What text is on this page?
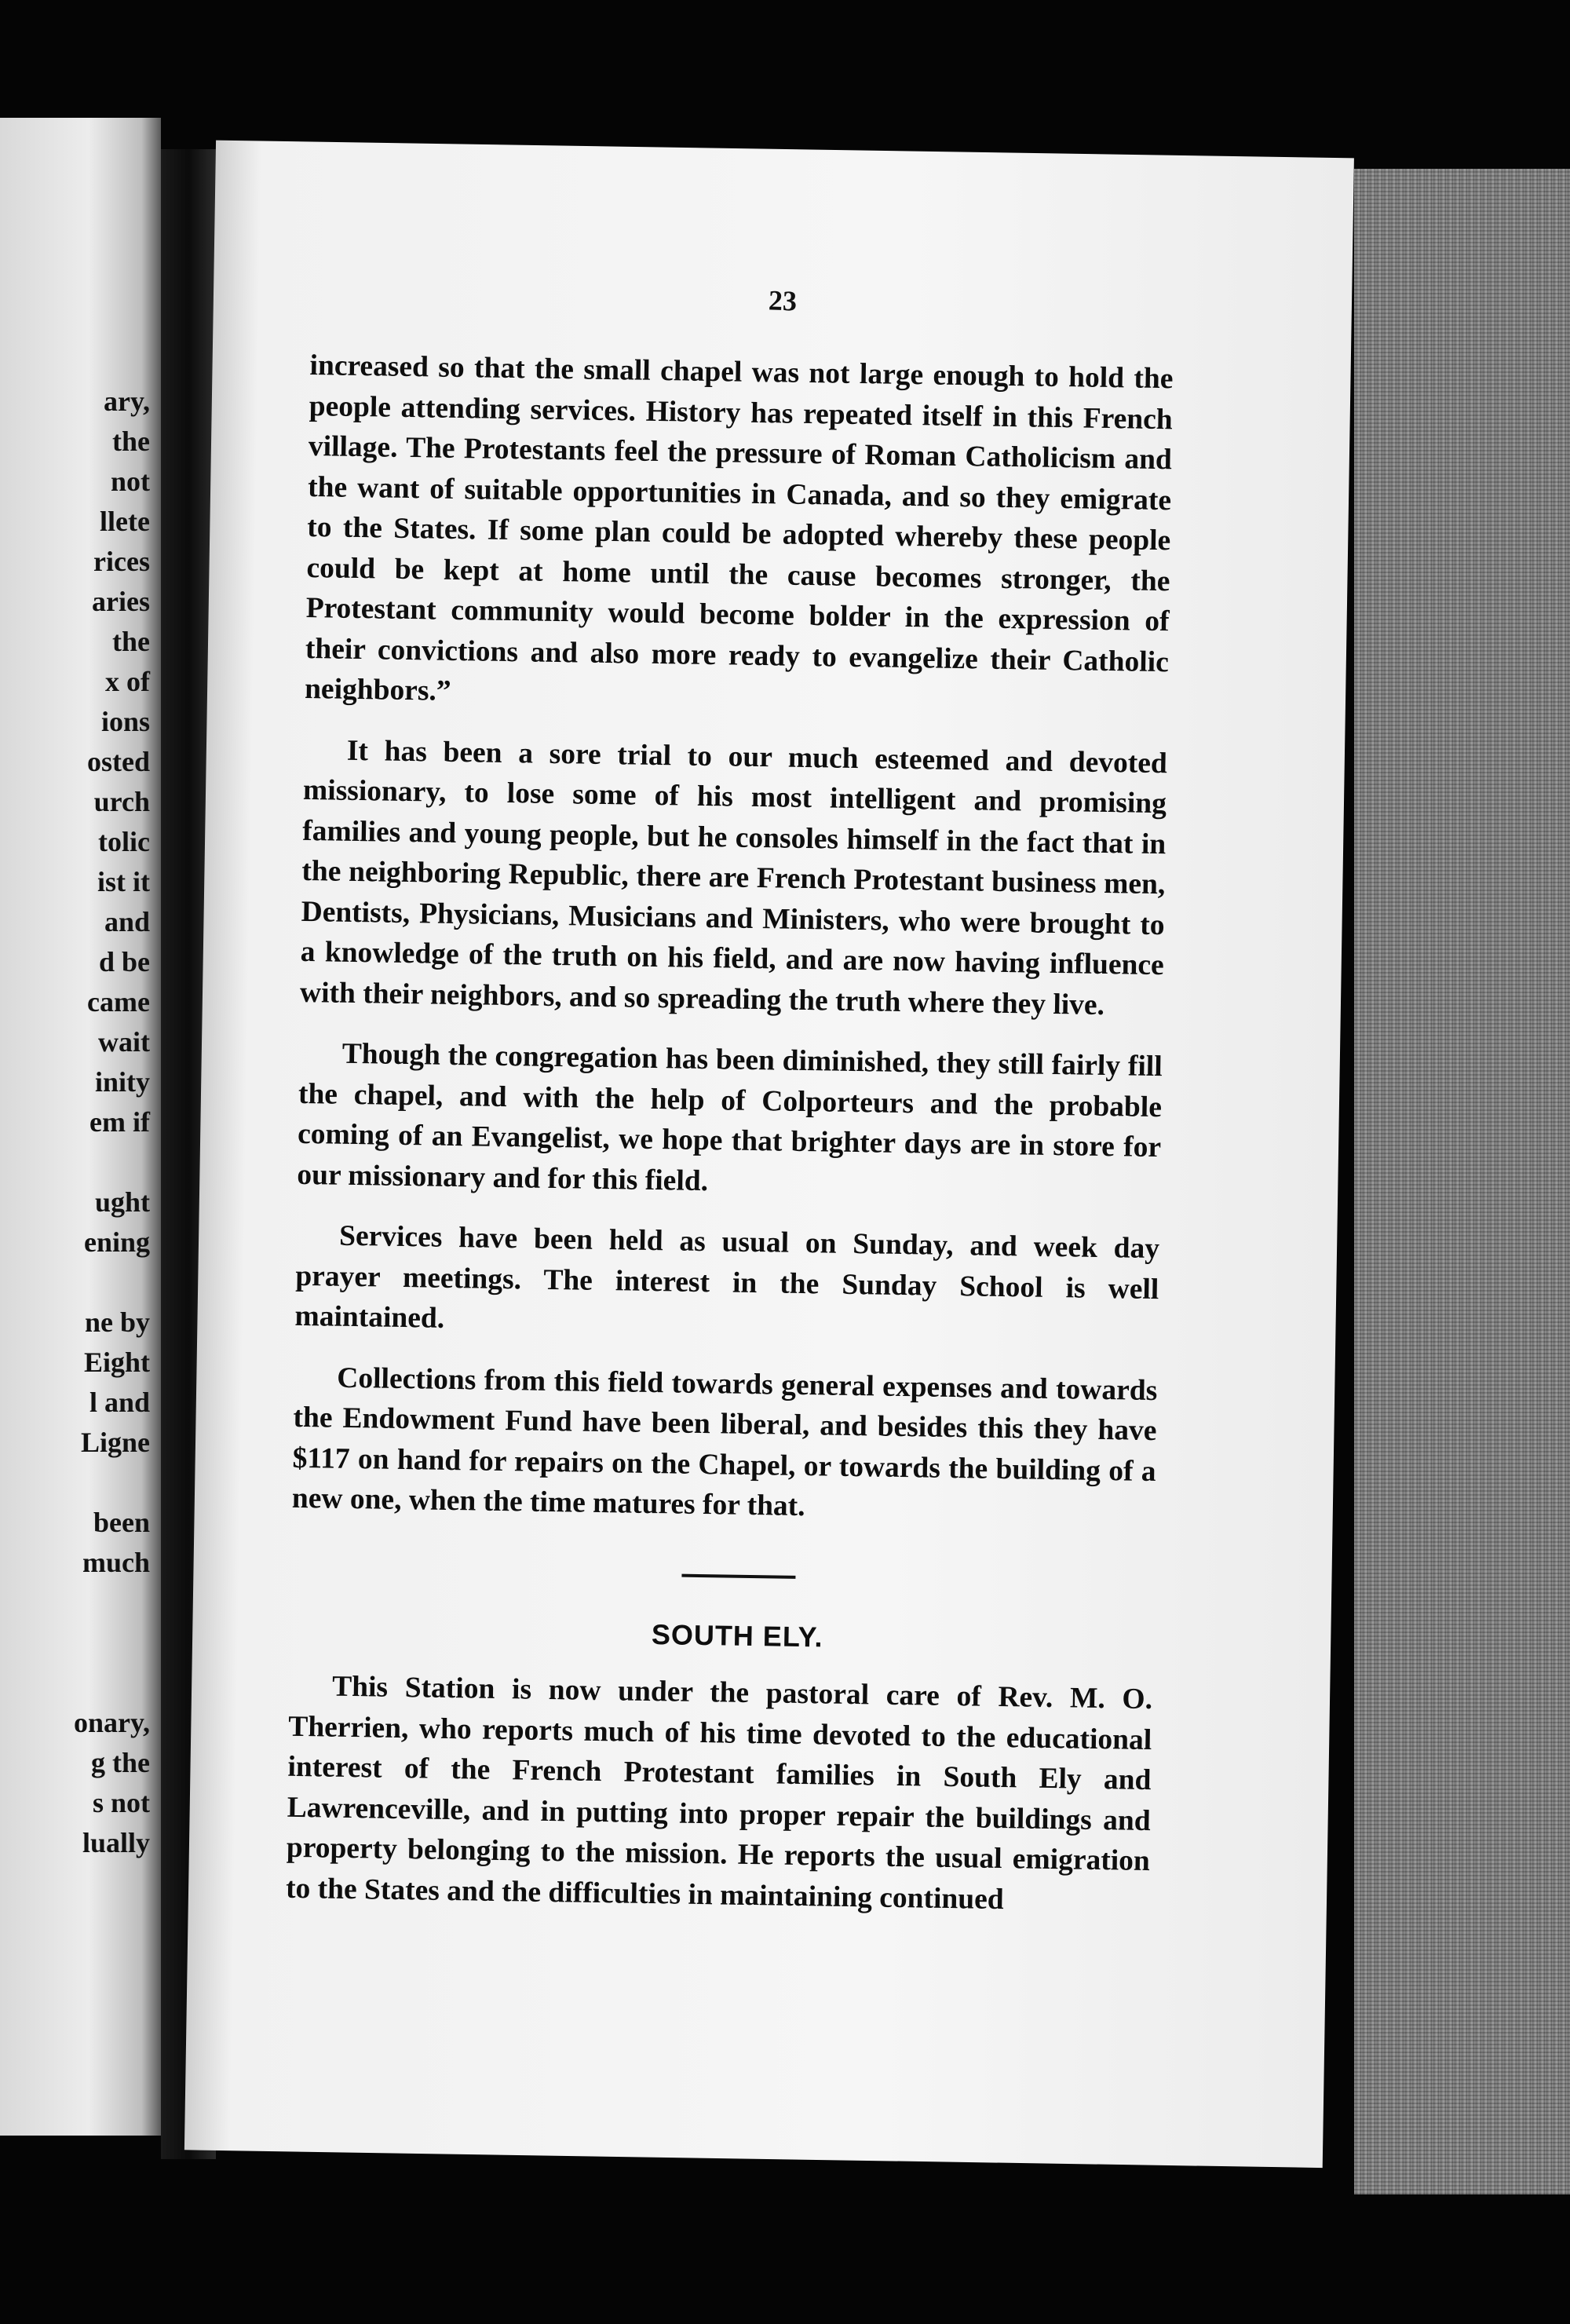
ary,
the
not
llete
rices
aries
the
x of
ions
osted
urch
tolic
ist it
and
d be
came
wait
inity
em if
ught
ening
ne by
Eight
l and
Ligne
been
much
onary,
g the
s not
lually
23

increased so that the small chapel was not large enough to hold the people attending services. History has repeated itself in this French village. The Protestants feel the pressure of Roman Catholicism and the want of suitable opportunities in Canada, and so they emigrate to the States. If some plan could be adopted whereby these people could be kept at home until the cause becomes stronger, the Protestant community would become bolder in the expression of their convictions and also more ready to evangelize their Catholic neighbors.”

It has been a sore trial to our much esteemed and devoted missionary, to lose some of his most intelligent and promising families and young people, but he consoles himself in the fact that in the neighboring Republic, there are French Protestant business men, Dentists, Physicians, Musicians and Ministers, who were brought to a knowledge of the truth on his field, and are now having influence with their neighbors, and so spreading the truth where they live.

Though the congregation has been diminished, they still fairly fill the chapel, and with the help of Colporteurs and the probable coming of an Evangelist, we hope that brighter days are in store for our missionary and for this field.

Services have been held as usual on Sunday, and week day prayer meetings. The interest in the Sunday School is well maintained.

Collections from this field towards general expenses and towards the Endowment Fund have been liberal, and besides this they have $117 on hand for repairs on the Chapel, or towards the building of a new one, when the time matures for that.

SOUTH ELY.

This Station is now under the pastoral care of Rev. M. O. Therrien, who reports much of his time devoted to the educational interest of the French Protestant families in South Ely and Lawrenceville, and in putting into proper repair the buildings and property belonging to the mission. He reports the usual emigration to the States and the difficulties in maintaining continued
